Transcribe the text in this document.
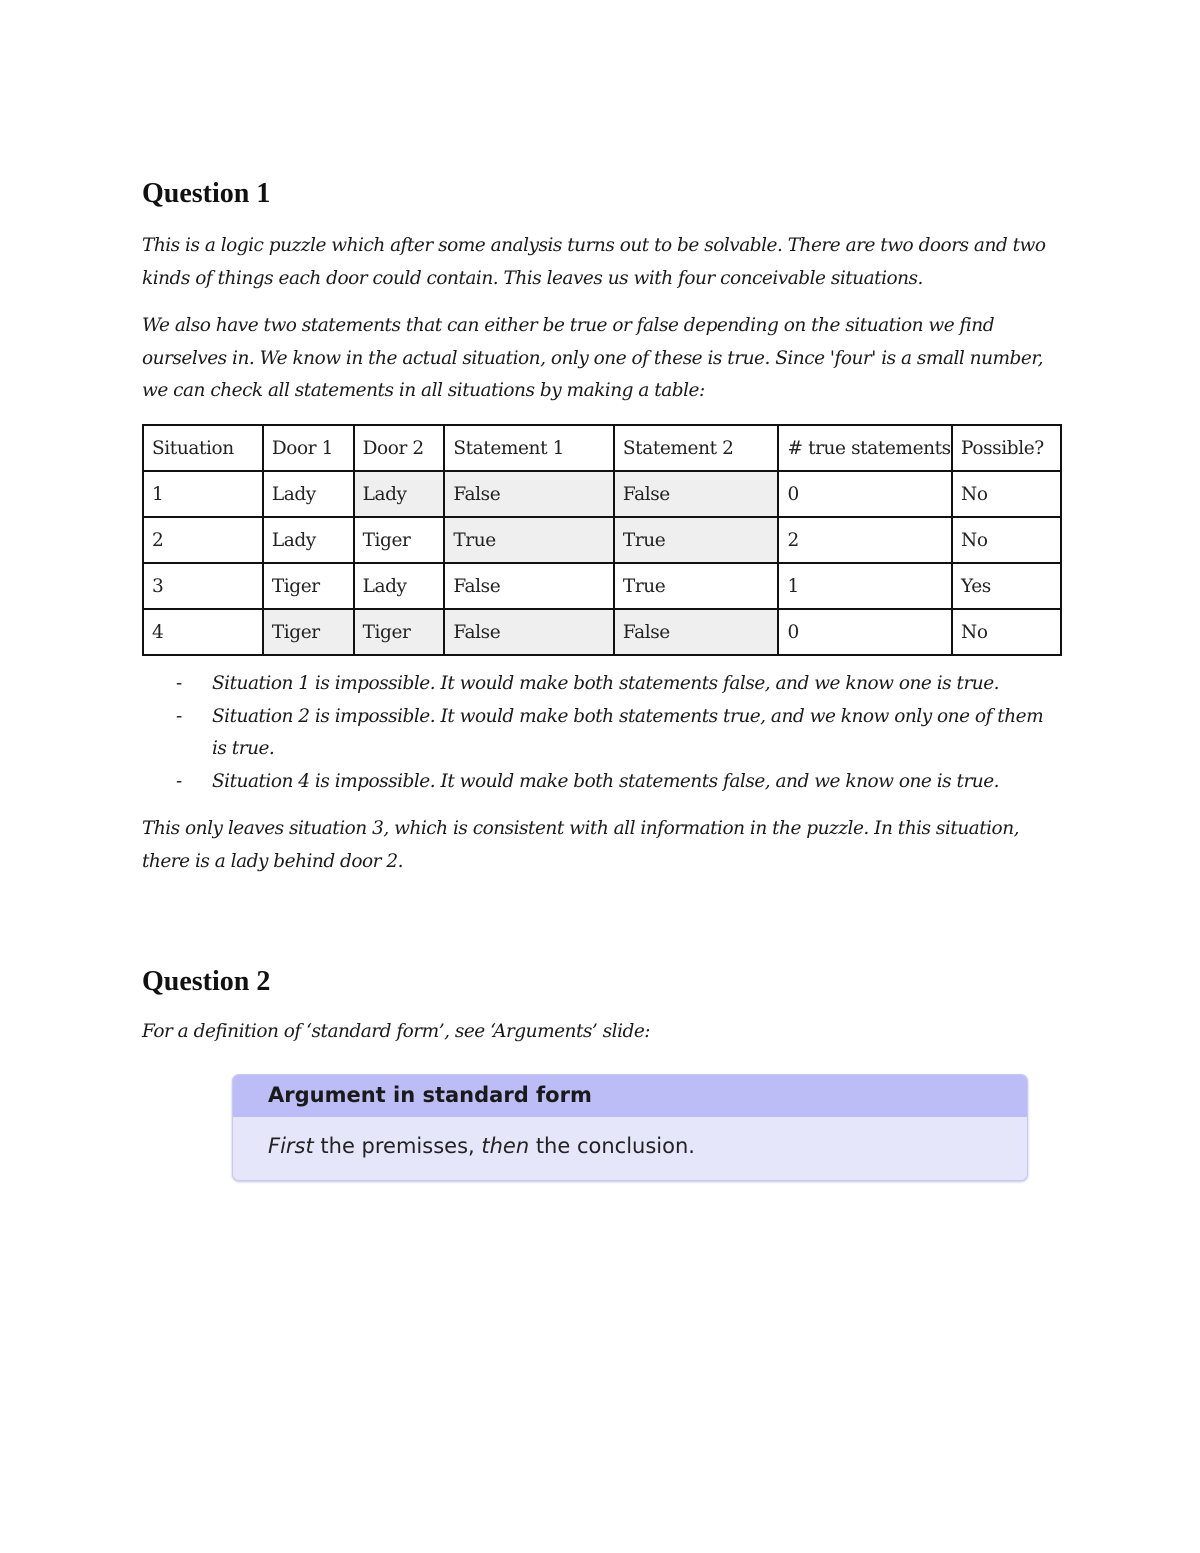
Question 1

This is a logic puzzle which after some analysis turns out to be solvable. There are two doors and two kinds of things each door could contain. This leaves us with four conceivable situations.

We also have two statements that can either be true or false depending on the situation we find ourselves in. We know in the actual situation, only one of these is true. Since 'four' is a small number, we can check all statements in all situations by making a table:

Situation	Door 1	Door 2	Statement 1	Statement 2	# true statements	Possible?
1	Lady	Lady	False	False	0	No
2	Lady	Tiger	True	True	2	No
3	Tiger	Lady	False	True	1	Yes
4	Tiger	Tiger	False	False	0	No
- Situation 1 is impossible. It would make both statements false, and we know one is true.
- Situation 2 is impossible. It would make both statements true, and we know only one of them is true.
- Situation 4 is impossible. It would make both statements false, and we know one is true.

This only leaves situation 3, which is consistent with all information in the puzzle. In this situation, there is a lady behind door 2.

Question 2

For a definition of ‘standard form’, see ‘Arguments’ slide:

Argument in standard form
First the premisses, then the conclusion.
